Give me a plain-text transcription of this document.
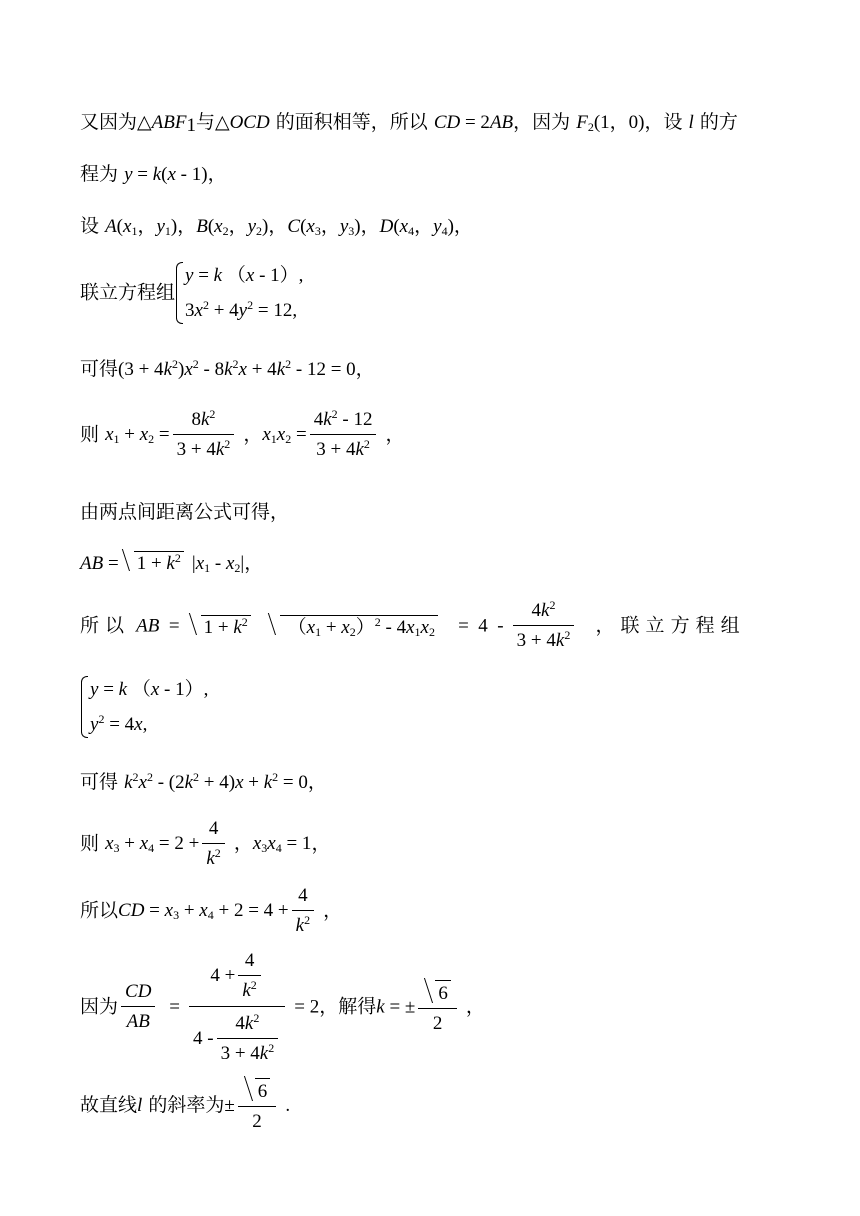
又因为$\triangle ABF_1$与△OCD 的面积相等，所以 CD = 2AB，因为 $F_2(1$，0)，设 l 的方
程为 y = k(x - 1)，
设 $A(x_1$，$y_1$)，$B(x_2$，$y_2$)，$C(x_3$，$y_3$)，$D(x_4$，$y_4$)，
联立方程组
y = k （x - 1）,
$3x^2 + 4y^2 = 12$,
可得$(3 + 4k^2)x^2 - 8k^2x + 4k^2 - 12 = 0$，
则 $x_1 + x_2 = \frac{8k^2}{3 + 4k^2}$ ，$x_1x_2 = \frac{4k^2 - 12}{3 + 4k^2}$ ，
由两点间距离公式可得，
AB = $1 + k^2$ $|x_1 - x_2|$，
所 以 AB  = $1 + k^2$   $(x_1 + x_2)^2 - 4x_1x_2 = 4 - \frac{4k^2}{3 + 4k^2}$ ， 联 立 方 程 组
y = k （x - 1）,
$y^2 = 4x$,
可得 $k^2x^2 - (2k^2 + 4)x + k^2 = 0$，
则 $x_3 + x_4 = 2 + \frac{4}{k^2}$ ，$x_3x_4 = 1$，
所以CD = $x_3 + x_4 + 2 = 4 + \frac{4}{k^2}$ ，
因为 $\frac{CD}{AB} = \frac{4 + \frac{4}{k^2}}{4 - \frac{4k^2}{3 + 4k^2}} = 2$，解得k = ± $\frac{6}{2}$ ，
故直线l 的斜率为± $\frac{6}{2}$ .
